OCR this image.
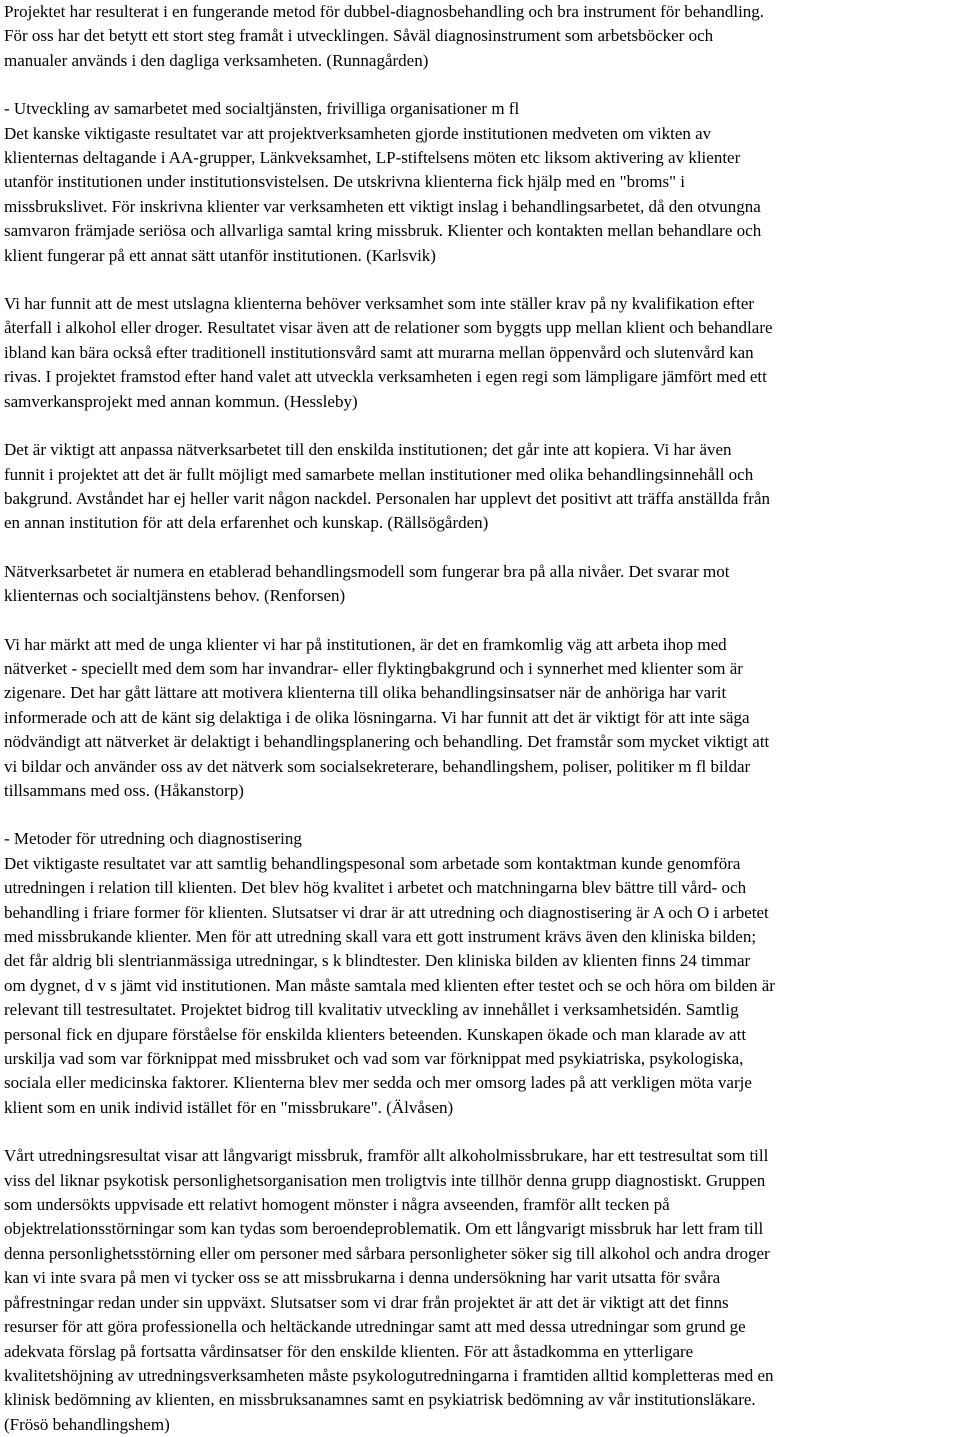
Projektet har resulterat i en fungerande metod för dubbel-diagnosbehandling och bra instrument för behandling.
För oss har det betytt ett stort steg framåt i utvecklingen. Såväl diagnosinstrument som arbetsböcker och
manualer används i den dagliga verksamheten. (Runnagården)

- Utveckling av samarbetet med socialtjänsten, frivilliga organisationer m fl
Det kanske viktigaste resultatet var att projektverksamheten gjorde institutionen medveten om vikten av
klienternas deltagande i AA-grupper, Länkveksamhet, LP-stiftelsens möten etc liksom aktivering av klienter
utanför institutionen under institutionsvistelsen. De utskrivna klienterna fick hjälp med en "broms" i
missbrukslivet. För inskrivna klienter var verksamheten ett viktigt inslag i behandlingsarbetet, då den otvungna
samvaron främjade seriösa och allvarliga samtal kring missbruk. Klienter och kontakten mellan behandlare och
klient fungerar på ett annat sätt utanför institutionen. (Karlsvik)

Vi har funnit att de mest utslagna klienterna behöver verksamhet som inte ställer krav på ny kvalifikation efter
återfall i alkohol eller droger. Resultatet visar även att de relationer som byggts upp mellan klient och behandlare
ibland kan bära också efter traditionell institutionsvård samt att murarna mellan öppenvård och slutenvård kan
rivas. I projektet framstod efter hand valet att utveckla verksamheten i egen regi som lämpligare jämfört med ett
samverkansprojekt med annan kommun. (Hessleby)

Det är viktigt att anpassa nätverksarbetet till den enskilda institutionen; det går inte att kopiera. Vi har även
funnit i projektet att det är fullt möjligt med samarbete mellan institutioner med olika behandlingsinnehåll och
bakgrund. Avståndet har ej heller varit någon nackdel. Personalen har upplevt det positivt att träffa anställda från
en annan institution för att dela erfarenhet och kunskap. (Rällsögården)

Nätverksarbetet är numera en etablerad behandlingsmodell som fungerar bra på alla nivåer. Det svarar mot
klienternas och socialtjänstens behov. (Renforsen)

Vi har märkt att med de unga klienter vi har på institutionen, är det en framkomlig väg att arbeta ihop med
nätverket - speciellt med dem som har invandrar- eller flyktingbakgrund och i synnerhet med klienter som är
zigenare. Det har gått lättare att motivera klienterna till olika behandlingsinsatser när de anhöriga har varit
informerade och att de känt sig delaktiga i de olika lösningarna. Vi har funnit att det är viktigt för att inte säga
nödvändigt att nätverket är delaktigt i behandlingsplanering och behandling. Det framstår som mycket viktigt att
vi bildar och använder oss av det nätverk som socialsekreterare, behandlingshem, poliser, politiker m fl bildar
tillsammans med oss. (Håkanstorp)

- Metoder för utredning och diagnostisering
Det viktigaste resultatet var att samtlig behandlingspesonal som arbetade som kontaktman kunde genomföra
utredningen i relation till klienten. Det blev hög kvalitet i arbetet och matchningarna blev bättre till vård- och
behandling i friare former för klienten. Slutsatser vi drar är att utredning och diagnostisering är A och O i arbetet
med missbrukande klienter. Men för att utredning skall vara ett gott instrument krävs även den kliniska bilden;
det får aldrig bli slentrianmässiga utredningar, s k blindtester. Den kliniska bilden av klienten finns 24 timmar
om dygnet, d v s jämt vid institutionen. Man måste samtala med klienten efter testet och se och höra om bilden är
relevant till testresultatet. Projektet bidrog till kvalitativ utveckling av innehållet i verksamhetsidén. Samtlig
personal fick en djupare förståelse för enskilda klienters beteenden. Kunskapen ökade och man klarade av att
urskilja vad som var förknippat med missbruket och vad som var förknippat med psykiatriska, psykologiska,
sociala eller medicinska faktorer. Klienterna blev mer sedda och mer omsorg lades på att verkligen möta varje
klient som en unik individ istället för en "missbrukare". (Älvåsen)

Vårt utredningsresultat visar att långvarigt missbruk, framför allt alkoholmissbrukare, har ett testresultat som till
viss del liknar psykotisk personlighetsorganisation men troligtvis inte tillhör denna grupp diagnostiskt. Gruppen
som undersökts uppvisade ett relativt homogent mönster i några avseenden, framför allt tecken på
objektrelationsstörningar som kan tydas som beroendeproblematik. Om ett långvarigt missbruk har lett fram till
denna personlighetsstörning eller om personer med sårbara personligheter söker sig till alkohol och andra droger
kan vi inte svara på men vi tycker oss se att missbrukarna i denna undersökning har varit utsatta för svåra
påfrestningar redan under sin uppväxt. Slutsatser som vi drar från projektet är att det är viktigt att det finns
resurser för att göra professionella och heltäckande utredningar samt att med dessa utredningar som grund ge
adekvata förslag på fortsatta vårdinsatser för den enskilde klienten. För att åstadkomma en ytterligare
kvalitetshöjning av utredningsverksamheten måste psykologutredningarna i framtiden alltid kompletteras med en
klinisk bedömning av klienten, en missbruksanamnes samt en psykiatrisk bedömning av vår institutionsläkare.
(Frösö behandlingshem)
